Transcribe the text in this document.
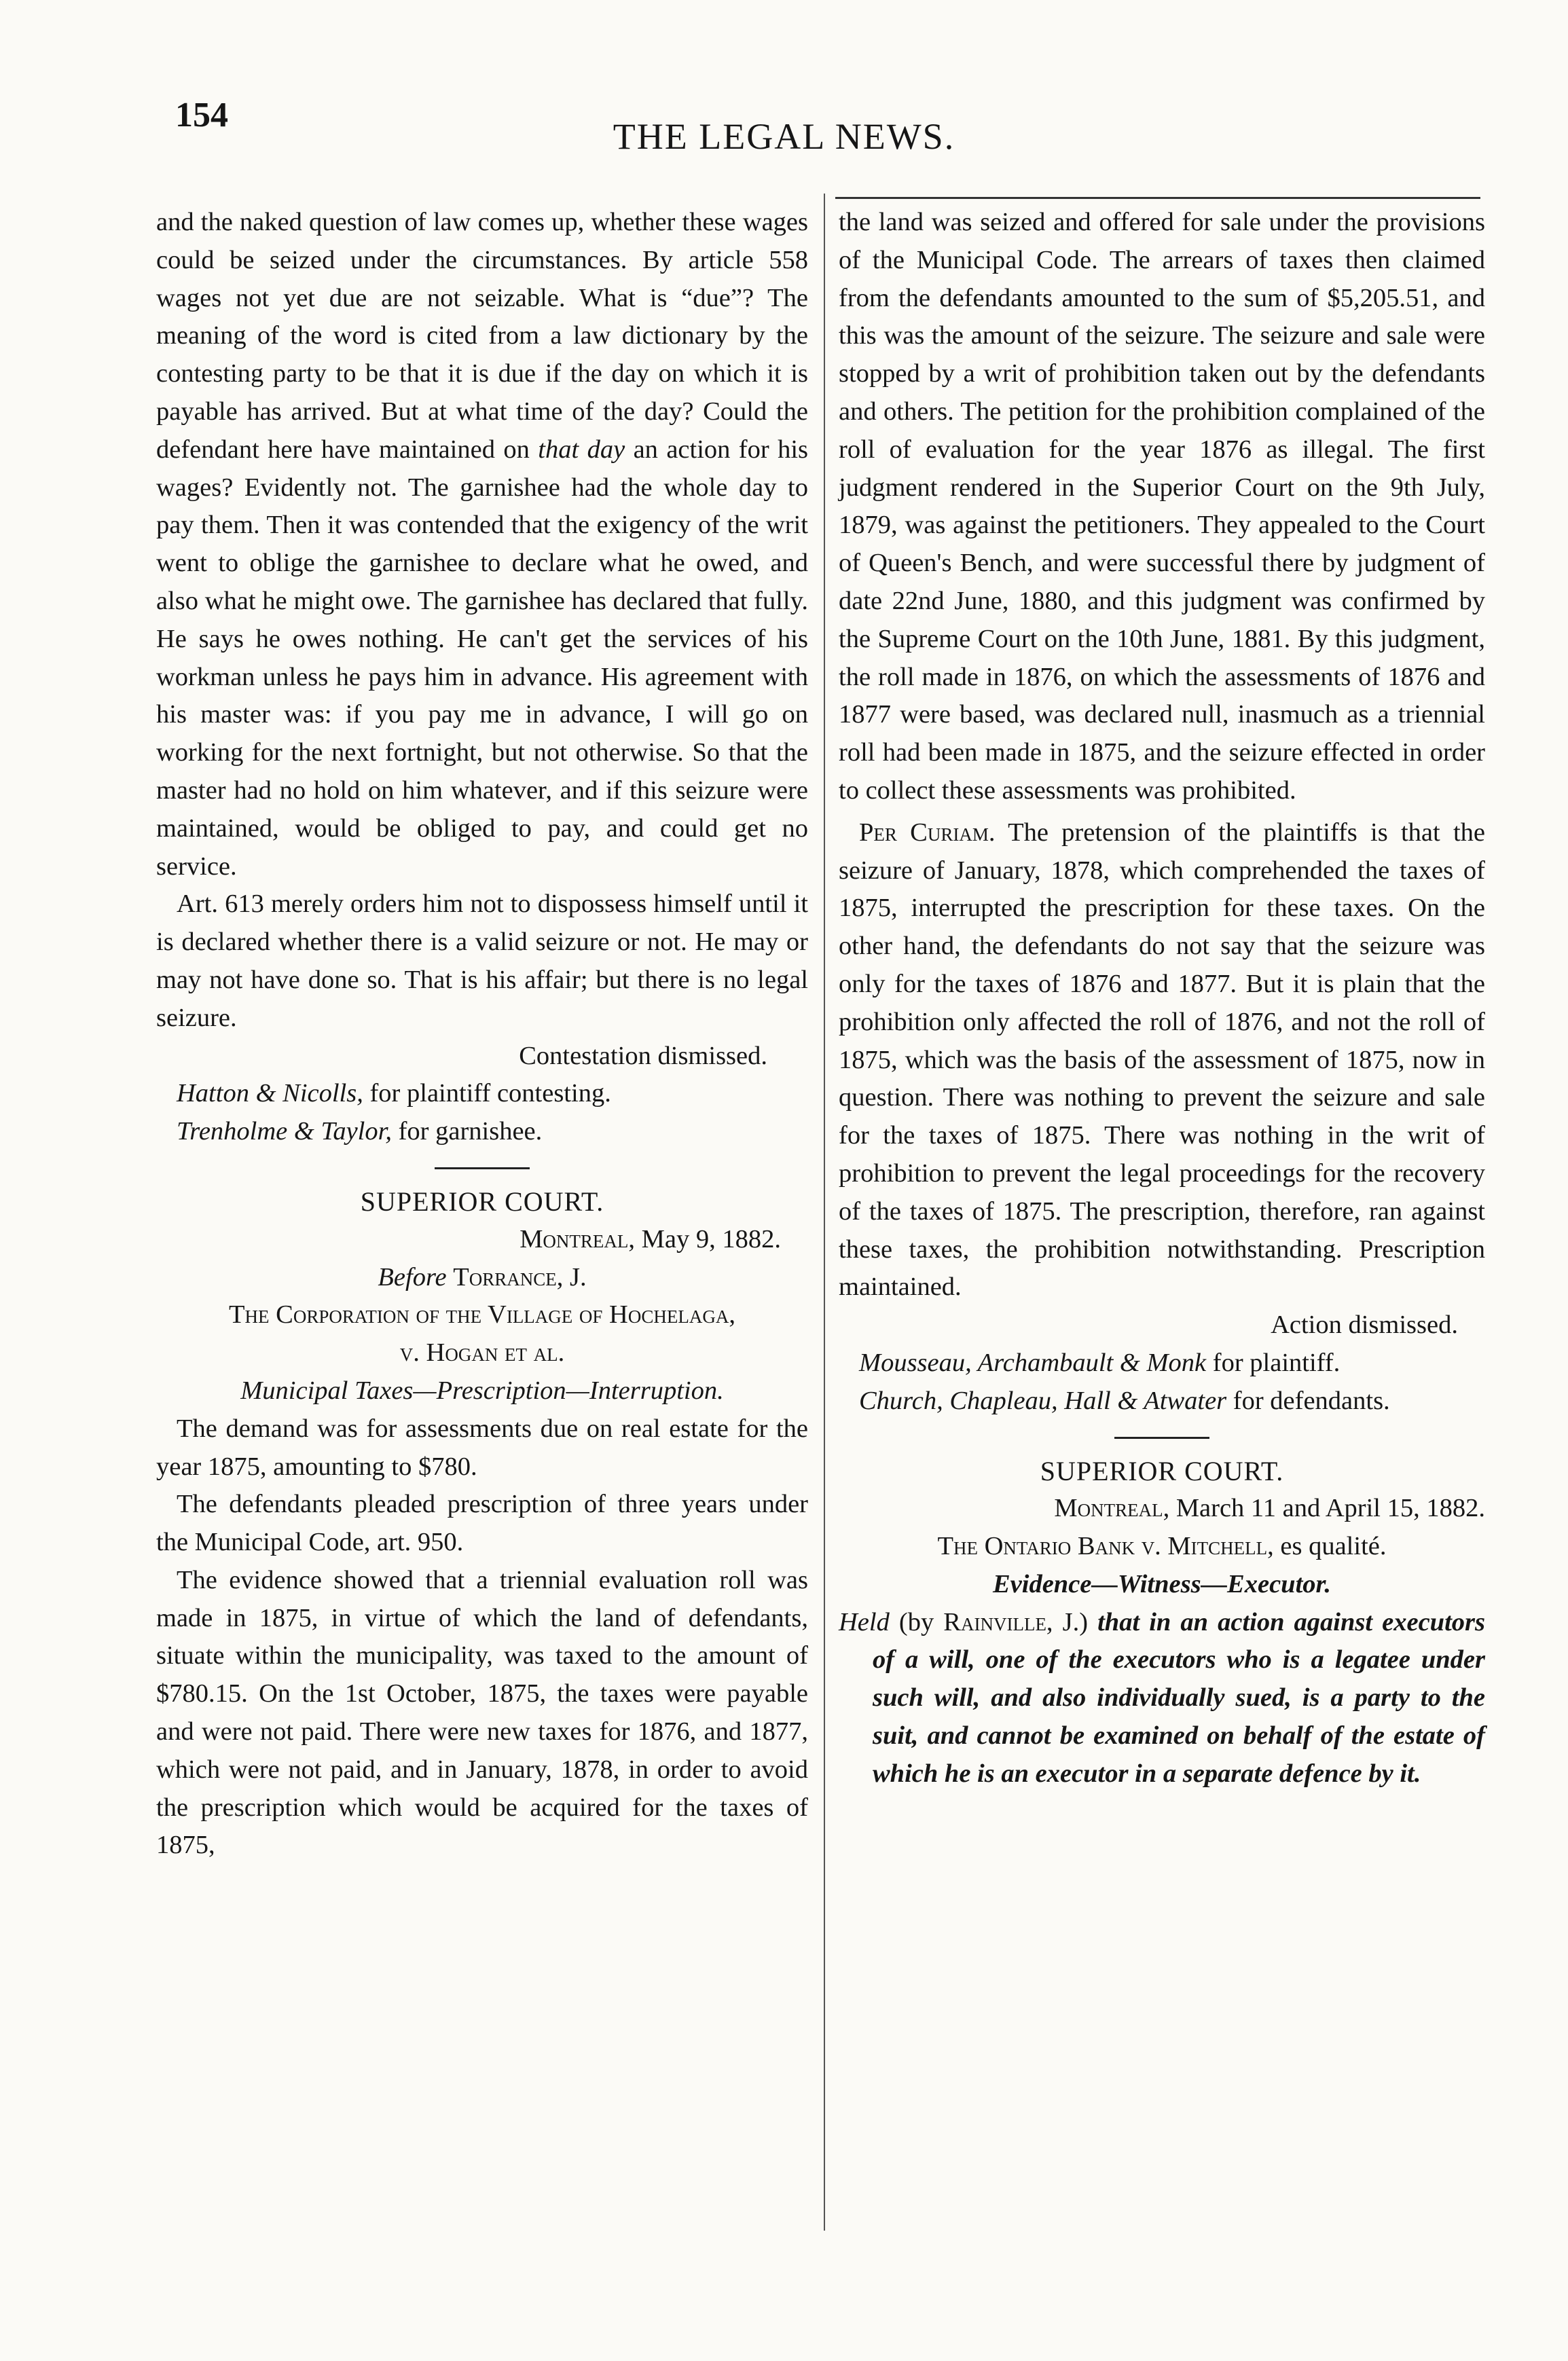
154
THE LEGAL NEWS.

and the naked question of law comes up, whether these wages could be seized under the circumstances. By article 558 wages not yet due are not seizable. What is “due”? The meaning of the word is cited from a law dictionary by the contesting party to be that it is due if the day on which it is payable has arrived. But at what time of the day? Could the defendant here have maintained on that day an action for his wages? Evidently not. The garnishee had the whole day to pay them. Then it was contended that the exigency of the writ went to oblige the garnishee to declare what he owed, and also what he might owe. The garnishee has declared that fully. He says he owes nothing. He can't get the services of his workman unless he pays him in advance. His agreement with his master was: if you pay me in advance, I will go on working for the next fortnight, but not otherwise. So that the master had no hold on him whatever, and if this seizure were maintained, would be obliged to pay, and could get no service.

Art. 613 merely orders him not to dispossess himself until it is declared whether there is a valid seizure or not. He may or may not have done so. That is his affair; but there is no legal seizure.

Contestation dismissed.

Hatton & Nicolls, for plaintiff contesting.

Trenholme & Taylor, for garnishee.

SUPERIOR COURT.

Montreal, May 9, 1882.

Before Torrance, J.

The Corporation of the Village of Hochelaga,

v. Hogan et al.

Municipal Taxes—Prescription—Interruption.

The demand was for assessments due on real estate for the year 1875, amounting to $780.

The defendants pleaded prescription of three years under the Municipal Code, art. 950.

The evidence showed that a triennial evaluation roll was made in 1875, in virtue of which the land of defendants, situate within the municipality, was taxed to the amount of $780.15. On the 1st October, 1875, the taxes were payable and were not paid. There were new taxes for 1876, and 1877, which were not paid, and in January, 1878, in order to avoid the prescription which would be acquired for the taxes of 1875,

the land was seized and offered for sale under the provisions of the Municipal Code. The arrears of taxes then claimed from the defendants amounted to the sum of $5,205.51, and this was the amount of the seizure. The seizure and sale were stopped by a writ of prohibition taken out by the defendants and others. The petition for the prohibition complained of the roll of evaluation for the year 1876 as illegal. The first judgment rendered in the Superior Court on the 9th July, 1879, was against the petitioners. They appealed to the Court of Queen's Bench, and were successful there by judgment of date 22nd June, 1880, and this judgment was confirmed by the Supreme Court on the 10th June, 1881. By this judgment, the roll made in 1876, on which the assessments of 1876 and 1877 were based, was declared null, inasmuch as a triennial roll had been made in 1875, and the seizure effected in order to collect these assessments was prohibited.

Per Curiam. The pretension of the plaintiffs is that the seizure of January, 1878, which comprehended the taxes of 1875, interrupted the prescription for these taxes. On the other hand, the defendants do not say that the seizure was only for the taxes of 1876 and 1877. But it is plain that the prohibition only affected the roll of 1876, and not the roll of 1875, which was the basis of the assessment of 1875, now in question. There was nothing to prevent the seizure and sale for the taxes of 1875. There was nothing in the writ of prohibition to prevent the legal proceedings for the recovery of the taxes of 1875. The prescription, therefore, ran against these taxes, the prohibition notwithstanding. Prescription maintained.

Action dismissed.

Mousseau, Archambault & Monk for plaintiff.

Church, Chapleau, Hall & Atwater for defendants.

SUPERIOR COURT.

Montreal, March 11 and April 15, 1882.

The Ontario Bank v. Mitchell, es qualité.

Evidence—Witness—Executor.

Held (by Rainville, J.) that in an action against executors of a will, one of the executors who is a legatee under such will, and also individually sued, is a party to the suit, and cannot be examined on behalf of the estate of which he is an executor in a separate defence by it.
